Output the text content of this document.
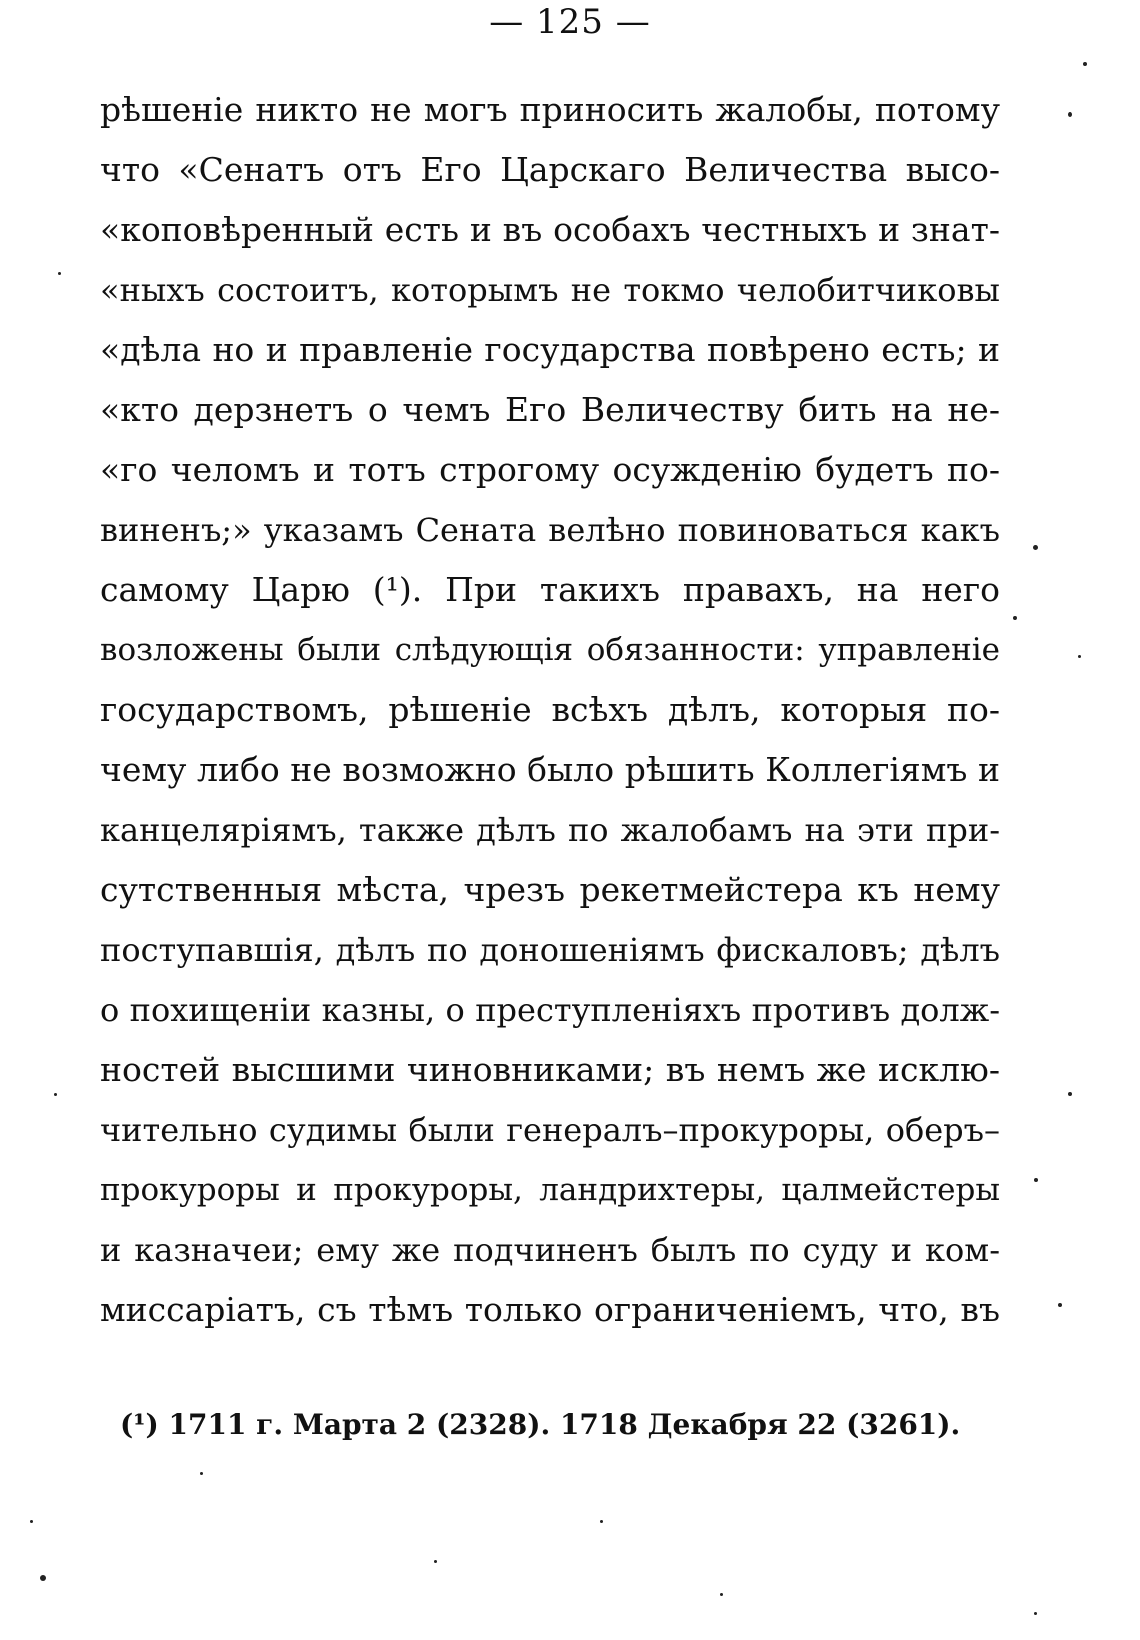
— 125 —
рѣшеніе никто не могъ приносить жалобы, потому
что «Сенатъ отъ Его Царскаго Величества высо-
«коповѣренный есть и въ особахъ честныхъ и знат-
«ныхъ состоитъ, которымъ не токмо челобитчиковы
«дѣла но и правленіе государства повѣрено есть; и
«кто дерзнетъ о чемъ Его Величеству бить на не-
«го челомъ и тотъ строгому осужденію будетъ по-
виненъ;» указамъ Сената велѣно повиноваться какъ
самому Царю (¹). При такихъ правахъ, на него
возложены были слѣдующія обязанности: управленіе
государствомъ, рѣшеніе всѣхъ дѣлъ, которыя по-
чему либо не возможно было рѣшить Коллегіямъ и
канцеляріямъ, также дѣлъ по жалобамъ на эти при-
сутственныя мѣста, чрезъ рекетмейстера къ нему
поступавшія, дѣлъ по доношеніямъ фискаловъ; дѣлъ
о похищеніи казны, о преступленіяхъ противъ долж-
ностей высшими чиновниками; въ немъ же исклю-
чительно судимы были генералъ–прокуроры, оберъ–
прокуроры и прокуроры, ландрихтеры, цалмейстеры
и казначеи; ему же подчиненъ былъ по суду и ком-
миссаріатъ, съ тѣмъ только ограниченіемъ, что, въ
(¹) 1711 г. Марта 2 (2328). 1718 Декабря 22 (3261).
